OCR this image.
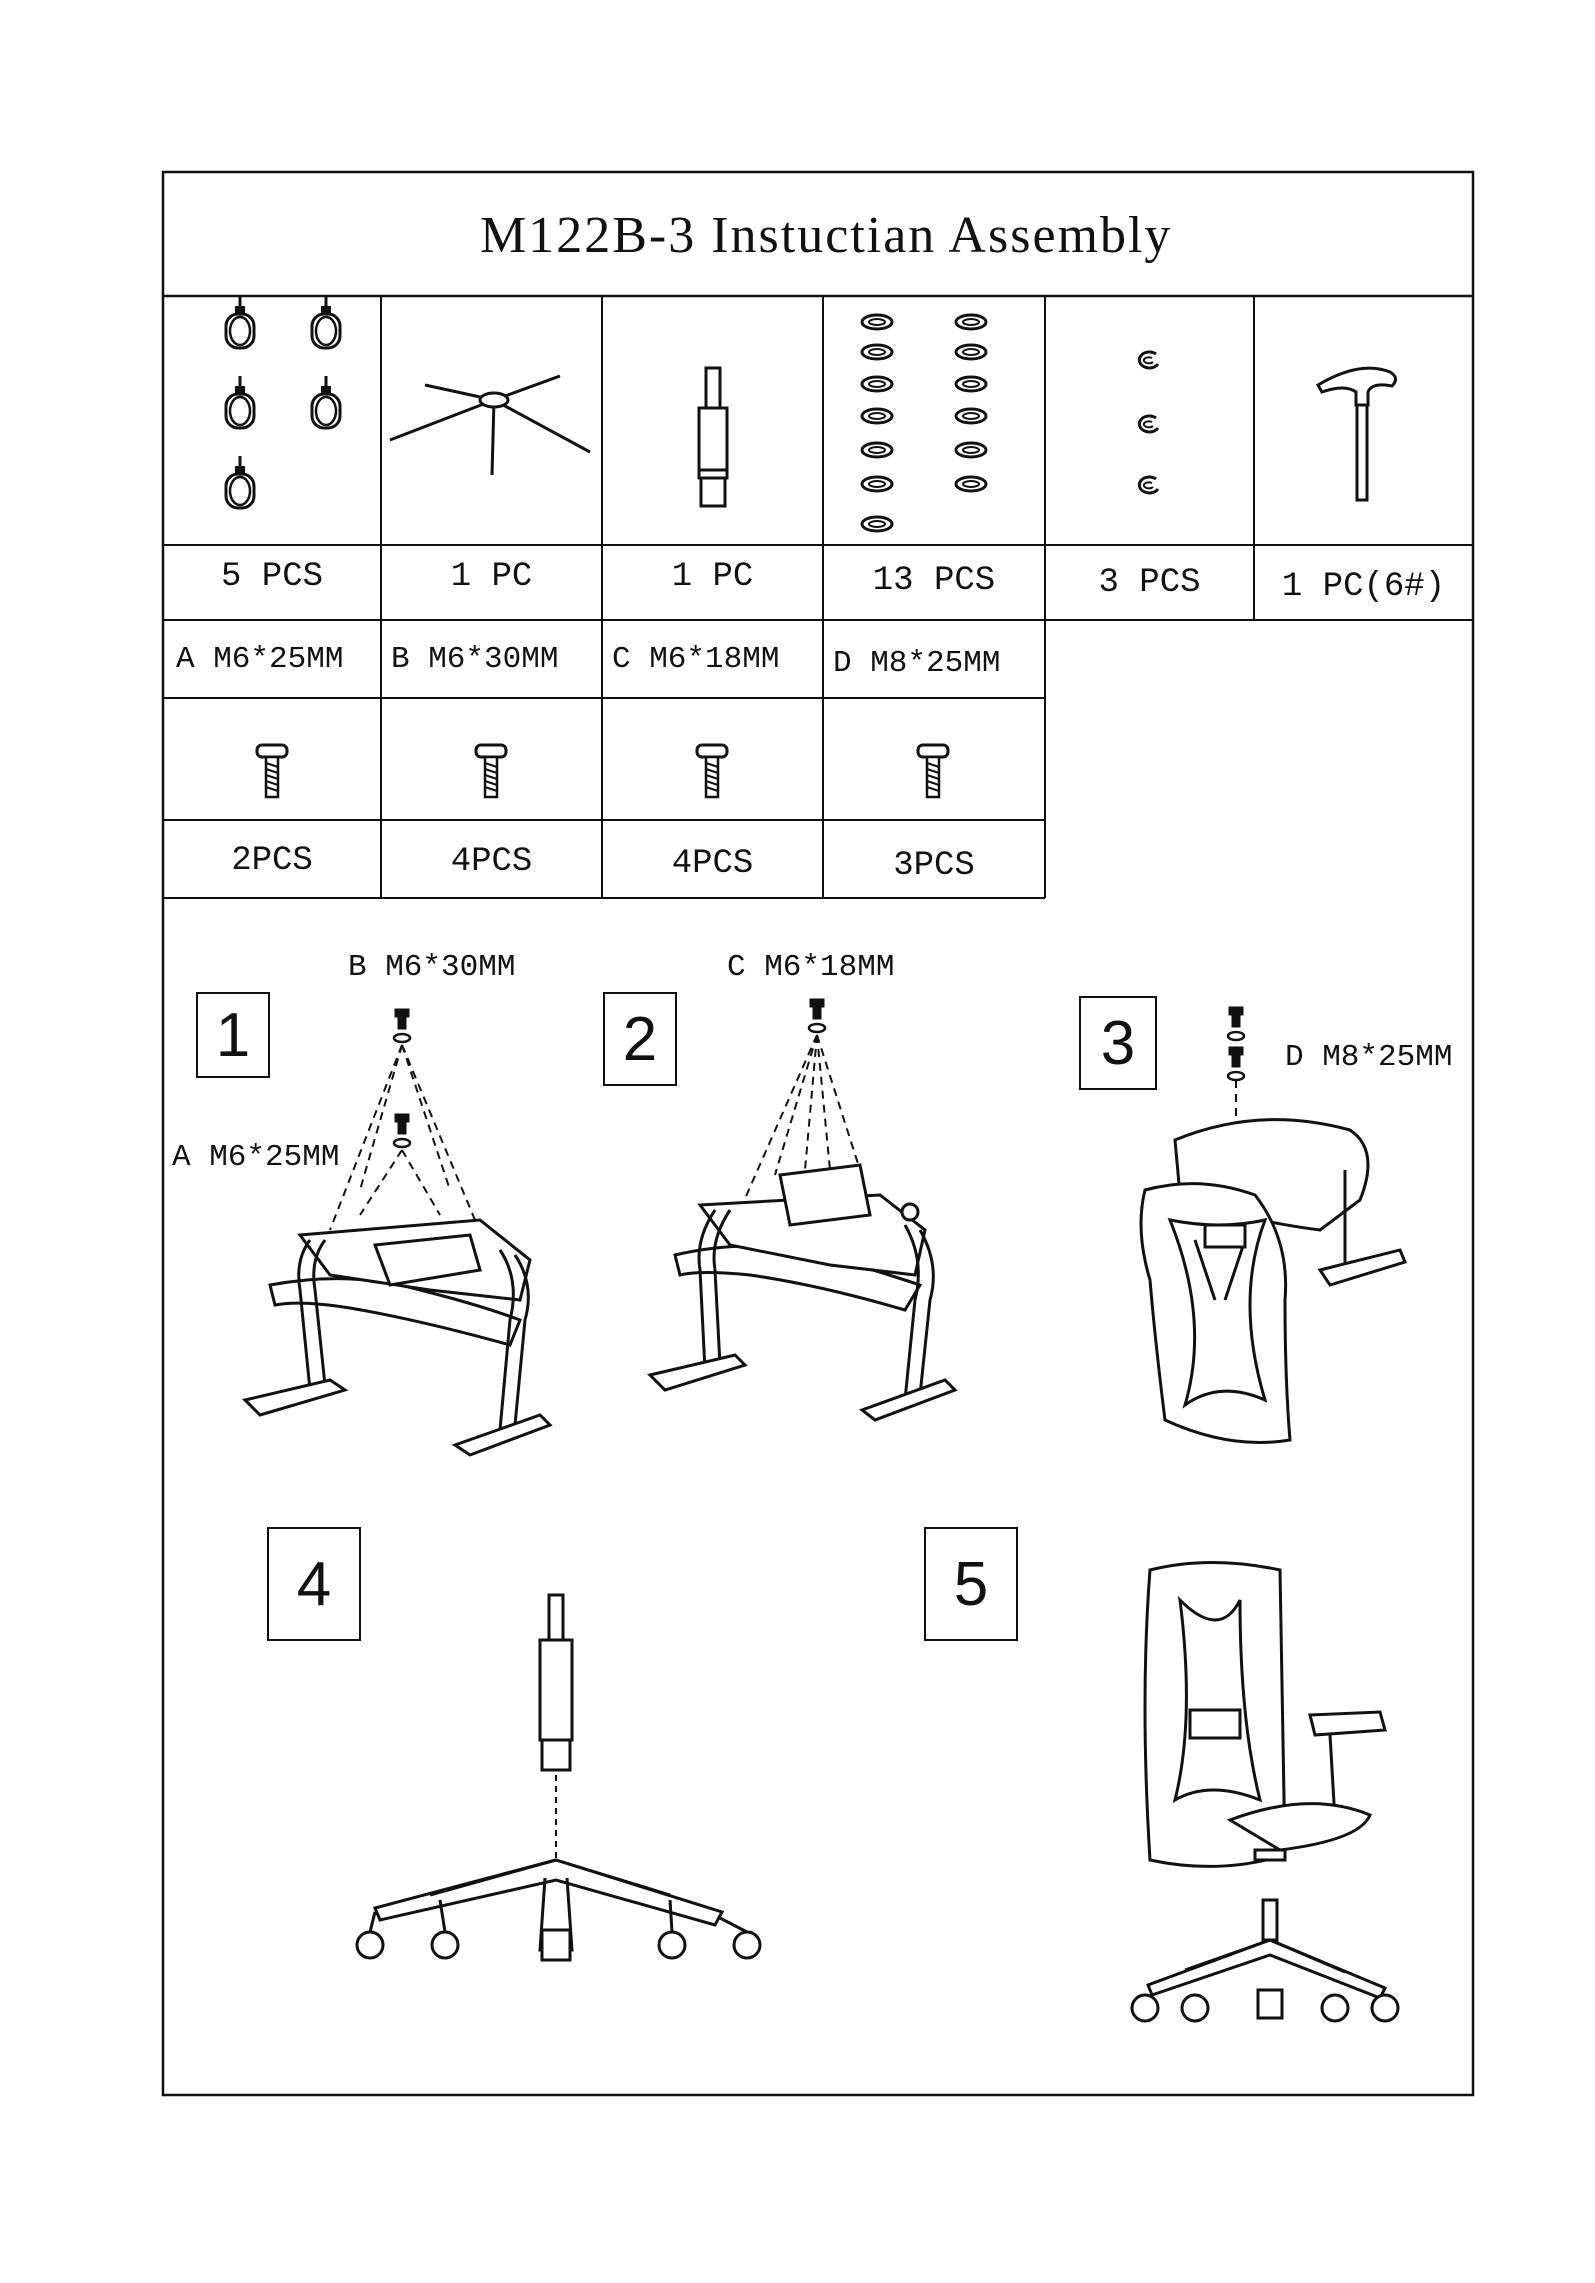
M122B-3 Instuctian Assembly
5 PCS	1 PC	1 PC	13 PCS	3 PCS	1 PC(6#)
A M6*25MM B M6*30MM C M6*18MM D M8*25MM
2PCS	4PCS	4PCS	3PCS
1	2	3
4	5
B M6*30MM
A M6*25MM
C M6*18MM
D M8*25MM
